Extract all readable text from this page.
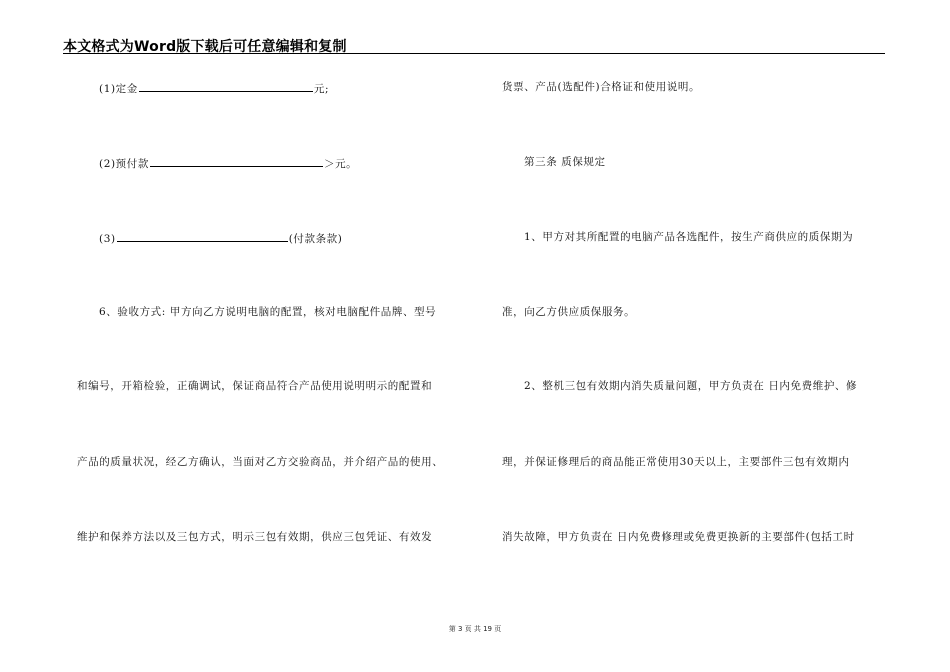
本文格式为Word版下载后可任意编辑和复制
(1)定金	元;
(2)预付款	＞元。
(3)	(付款条款)
6、验收方式: 甲方向乙方说明电脑的配置，核对电脑配件品牌、型号
和编号，开箱检验，正确调试，保证商品符合产品使用说明明示的配置和
产品的质量状况，经乙方确认，当面对乙方交验商品，并介绍产品的使用、
维护和保养方法以及三包方式，明示三包有效期，供应三包凭证、有效发
货票、产品(选配件)合格证和使用说明。
第三条 质保规定
1、甲方对其所配置的电脑产品各选配件，按生产商供应的质保期为
准，向乙方供应质保服务。
2、整机三包有效期内消失质量问题，甲方负责在 日内免费维护、修
理，并保证修理后的商品能正常使用30天以上，主要部件三包有效期内
消失故障，甲方负责在 日内免费修理或免费更换新的主要部件(包括工时
第 3 页 共 19 页
